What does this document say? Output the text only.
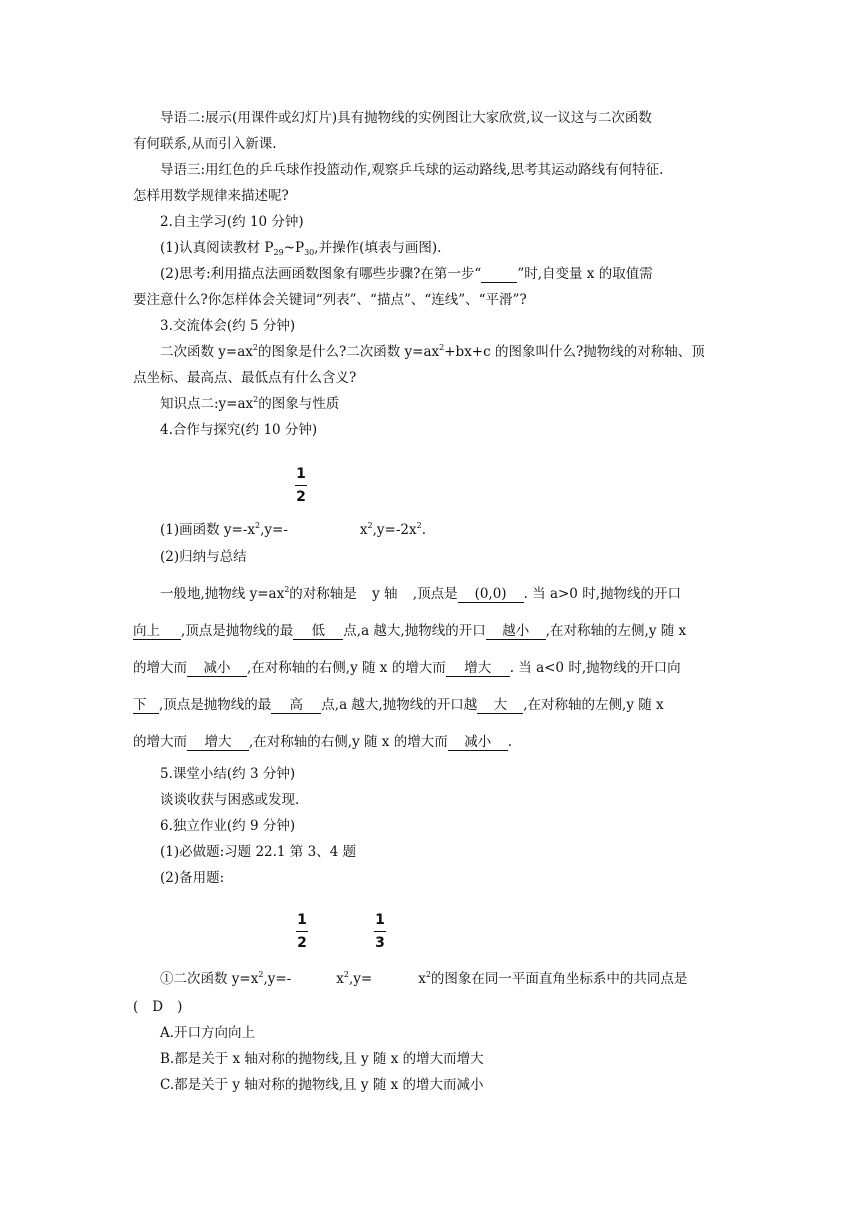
导语二:展示(用课件或幻灯片)具有抛物线的实例图让大家欣赏,议一议这与二次函数
有何联系,从而引入新课.
导语三:用红色的乒乓球作投篮动作,观察乒乓球的运动路线,思考其运动路线有何特征.
怎样用数学规律来描述呢?
2.自主学习(约 10 分钟)
(1)认真阅读教材 $P_{29}\sim P_{30}$,并操作(填表与画图).
(2)思考:利用描点法画函数图象有哪些步骤?在第一步“	”时,自变量 x 的取值需
要注意什么?你怎样体会关键词“列表”、“描点”、“连线”、“平滑”?
3.交流体会(约 5 分钟)
二次函数 $y=ax^2$的图象是什么?二次函数 $y=ax^2+bx+c$ 的图象叫什么?抛物线的对称轴、顶
点坐标、最高点、最低点有什么含义?
知识点二$:y=ax^2$的图象与性质
4.合作与探究(约 10 分钟)
1
2
(1)画函数 $y=-x^2,y=-$	$x^2,y=-2x^2$.
(2)归纳与总结
一般地,抛物线 $y=ax^2$的对称轴是 y 轴 ,顶点是 (0,0) . 当 a>0 时,抛物线的开口
向上 ,顶点是抛物线的最 低 点,a 越大,抛物线的开口 越小 ,在对称轴的左侧,y 随 x
的增大而 减小 ,在对称轴的右侧,y 随 x 的增大而 增大 . 当 a<0 时,抛物线的开口向
下 ,顶点是抛物线的最 高 点,a 越大,抛物线的开口越 大 ,在对称轴的左侧,y 随 x
的增大而 增大 ,在对称轴的右侧,y 随 x 的增大而 减小 .
5.课堂小结(约 3 分钟)
谈谈收获与困惑或发现.
6.独立作业(约 9 分钟)
(1)必做题:习题 22.1 第 3、4 题
(2)备用题:
1
2
1
3
①二次函数 $y=x^2,y=-$	$x^2,y=$	$x^2$的图象在同一平面直角坐标系中的共同点是
( D )
A.开口方向向上
B.都是关于 x 轴对称的抛物线,且 y 随 x 的增大而增大
C.都是关于 y 轴对称的抛物线,且 y 随 x 的增大而减小
